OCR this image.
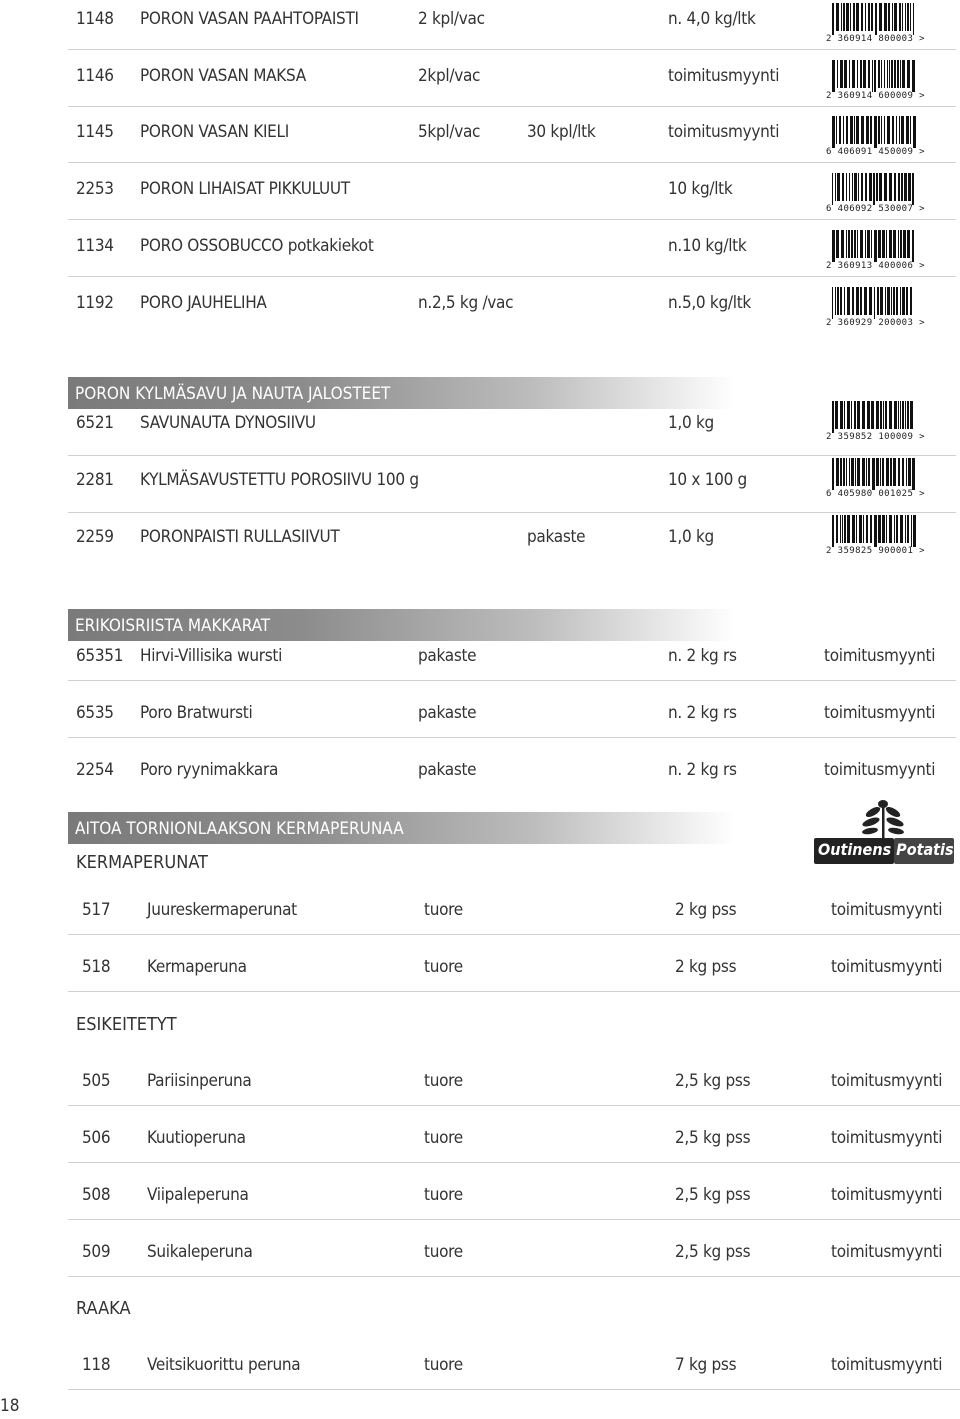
1148 PORON VASAN PAAHTOPAISTI	2 kpl/vac	n. 4,0 kg/ltk
2 360914 800003 >
1146 PORON VASAN MAKSA	2kpl/vac	toimitusmyynti
2 360914 600009 >
1145 PORON VASAN KIELI	5kpl/vac	30 kpl/ltk	toimitusmyynti
6 406091 450009 >
2253 PORON LIHAISAT PIKKULUUT	10 kg/ltk
6 406092 530007 >
1134 PORO OSSOBUCCO potkakiekot	n.10 kg/ltk
2 360913 400006 >
1192 PORO JAUHELIHA	n.2,5 kg /vac	n.5,0 kg/ltk
2 360929 200003 >
PORON KYLMÄSAVU JA NAUTA JALOSTEET
6521 SAVUNAUTA DYNOSIIVU	1,0 kg
2 359852 100009 >
2281 KYLMÄSAVUSTETTU POROSIIVU 100 g	10 x 100 g
6 405980 001025 >
2259 PORONPAISTI RULLASIIVUT	pakaste	1,0 kg
2 359825 900001 >
ERIKOISRIISTA MAKKARAT
65351 Hirvi-Villisika wursti	pakaste	n. 2 kg rs	toimitusmyynti
6535 Poro Bratwursti	pakaste	n. 2 kg rs	toimitusmyynti
2254 Poro ryynimakkara	pakaste	n. 2 kg rs	toimitusmyynti
AITOA TORNIONLAAKSON KERMAPERUNAA
Outinens Potatis
KERMAPERUNAT
517 Juureskermaperunat	tuore	2 kg pss	toimitusmyynti
518 Kermaperuna	tuore	2 kg pss	toimitusmyynti
ESIKEITETYT
505 Pariisinperuna	tuore	2,5 kg pss	toimitusmyynti
506 Kuutioperuna	tuore	2,5 kg pss	toimitusmyynti
508 Viipaleperuna	tuore	2,5 kg pss	toimitusmyynti
509 Suikaleperuna	tuore	2,5 kg pss	toimitusmyynti
RAAKA
118 Veitsikuorittu peruna	tuore	7 kg pss	toimitusmyynti
18
